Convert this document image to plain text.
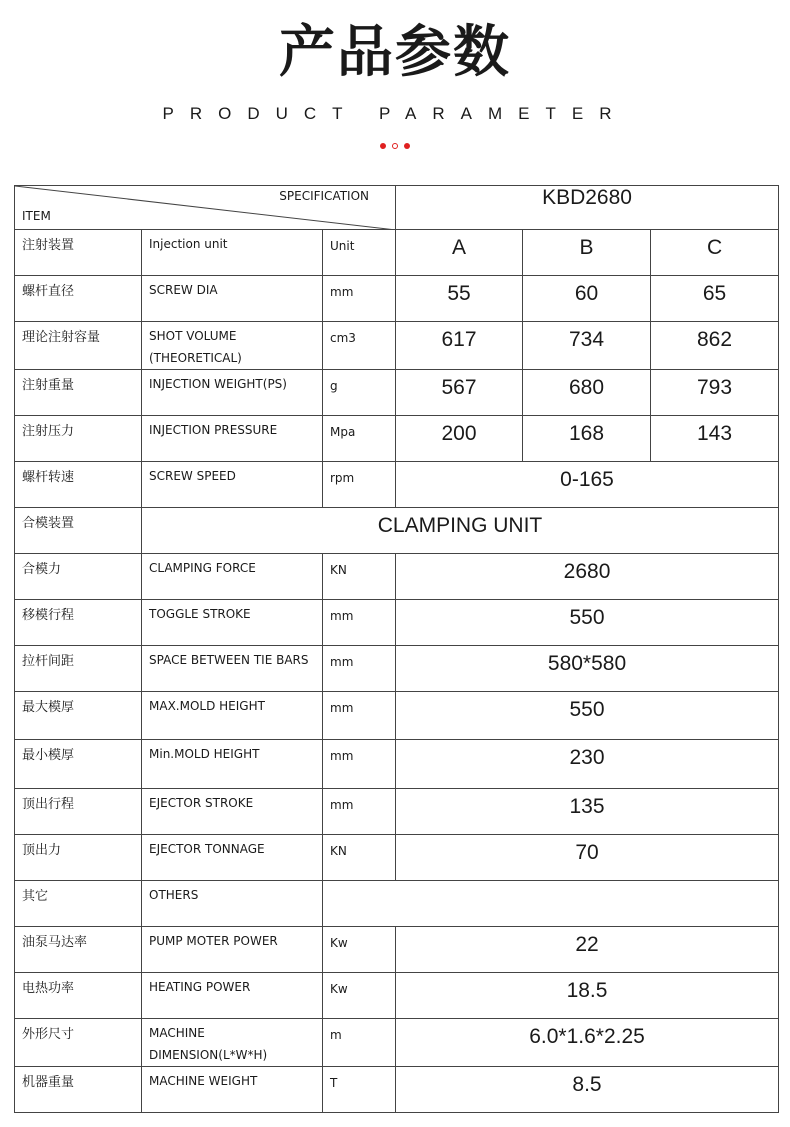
产品参数
PRODUCT PARAMETER
SPECIFICATION
ITEM			KBD2680		

注射装置	Injection unit	Unit	A	B	C

螺杆直径	SCREW DIA	mm	55	60	65

理论注射容量	SHOT VOLUME (THEORETICAL)	cm3	617	734	862

注射重量	INJECTION WEIGHT(PS)	g	567	680	793

注射压力	INJECTION PRESSURE	Mpa	200	168	143

螺杆转速	SCREW SPEED	rpm	0-165		

合模装置	CLAMPING UNIT				

合模力	CLAMPING FORCE	KN	2680		

移模行程	TOGGLE STROKE	mm	550		

拉杆间距	SPACE BETWEEN TIE BARS	mm	580*580		

最大模厚	MAX.MOLD HEIGHT	mm	550		

最小模厚	Min.MOLD HEIGHT	mm	230		

顶出行程	EJECTOR STROKE	mm	135		

顶出力	EJECTOR TONNAGE	KN	70		

其它	OTHERS				

油泵马达率	PUMP MOTER POWER	Kw	22		

电热功率	HEATING POWER	Kw	18.5		

外形尺寸	MACHINE DIMENSION(L*W*H)	m	6.0*1.6*2.25		

机器重量	MACHINE WEIGHT	T	8.5		
